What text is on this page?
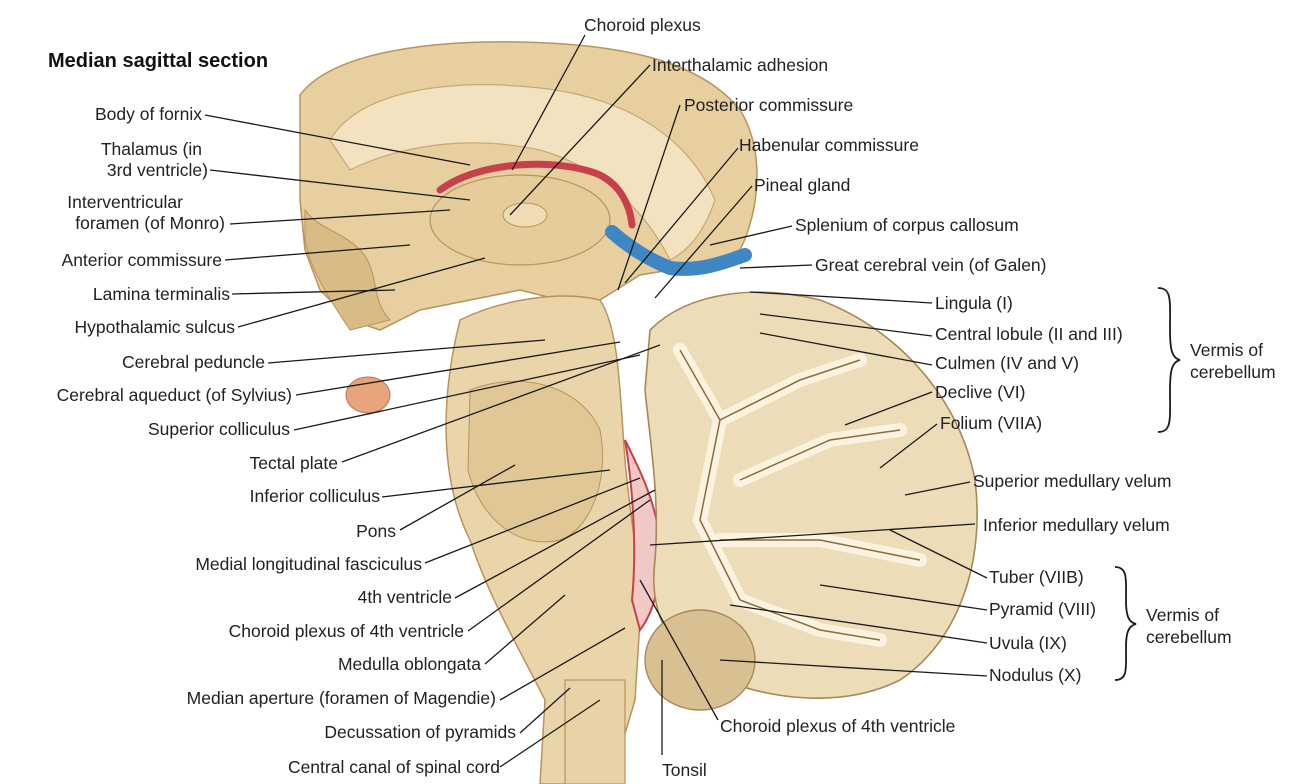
Median sagittal section
Body of fornix
Thalamus (in
3rd ventricle)
Interventricular
foramen (of Monro)
Anterior commissure
Lamina terminalis
Hypothalamic sulcus
Cerebral peduncle
Cerebral aqueduct (of Sylvius)
Superior colliculus
Tectal plate
Inferior colliculus
Pons
Medial longitudinal fasciculus
4th ventricle
Choroid plexus of 4th ventricle
Medulla oblongata
Median aperture (foramen of Magendie)
Decussation of pyramids
Central canal of spinal cord
Choroid plexus
Interthalamic adhesion
Posterior commissure
Habenular commissure
Pineal gland
Splenium of corpus callosum
Great cerebral vein (of Galen)
Lingula (I)
Central lobule (II and III)
Culmen (IV and V)
Declive (VI)
Folium (VIIA)
Superior medullary velum
Inferior medullary velum
Tuber (VIIB)
Pyramid (VIII)
Uvula (IX)
Nodulus (X)
Choroid plexus of 4th ventricle
Tonsil
Vermis of
cerebellum
Vermis of
cerebellum
